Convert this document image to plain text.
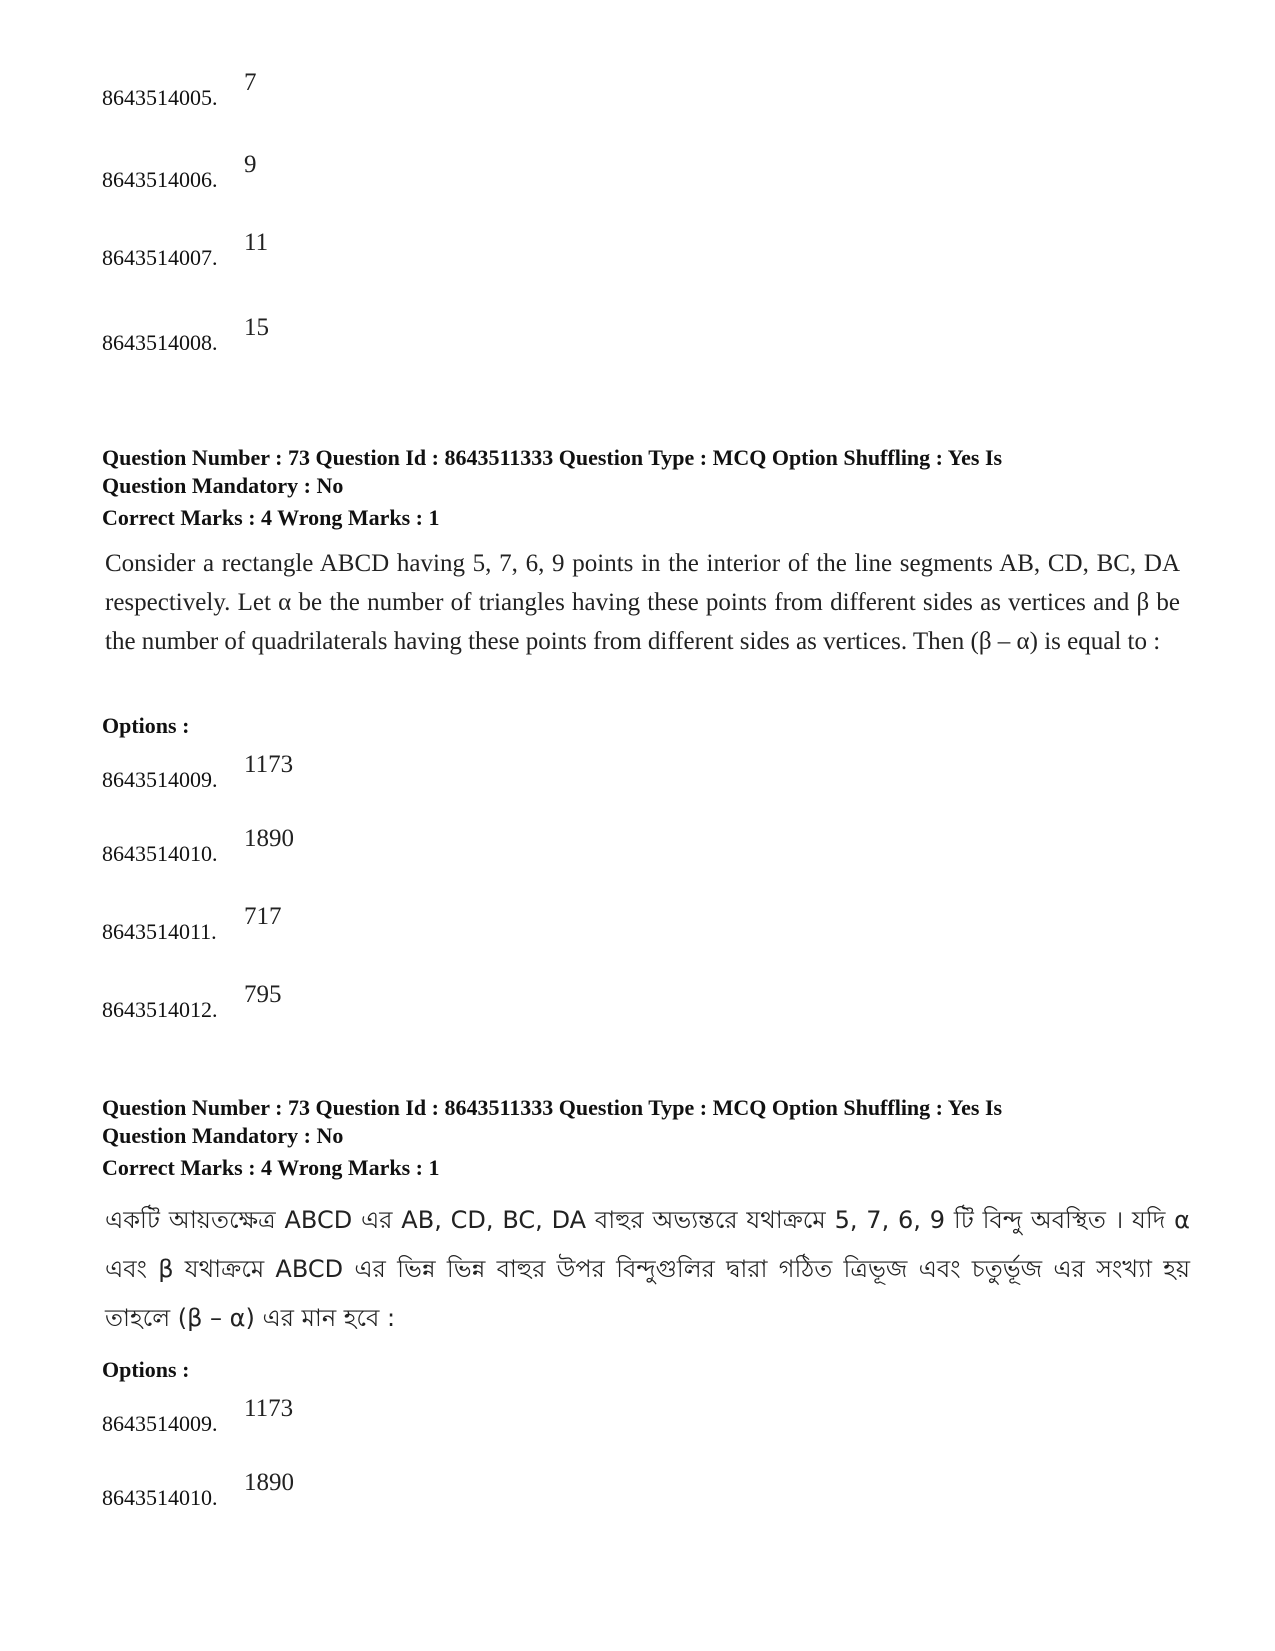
8643514005.
7
8643514006.
9
8643514007.
11
8643514008.
15

Question Number : 73 Question Id : 8643511333 Question Type : MCQ Option Shuffling : Yes Is

Question Mandatory : No

Correct Marks : 4 Wrong Marks : 1

Consider a rectangle ABCD having 5, 7, 6, 9 points in the interior of the line segments AB, CD, BC, DA respectively. Let α be the number of triangles having these points from different sides as vertices and β be the number of quadrilaterals having these points from different sides as vertices. Then (β – α) is equal to :
Options :
8643514009.
1173
8643514010.
1890
8643514011.
717
8643514012.
795

Question Number : 73 Question Id : 8643511333 Question Type : MCQ Option Shuffling : Yes Is

Question Mandatory : No

Correct Marks : 4 Wrong Marks : 1

একটি আয়তক্ষেত্র ABCD এর AB, CD, BC, DA বাহুর অভ্যন্তরে যথাক্রমে 5, 7, 6, 9 টি বিন্দু অবস্থিত । যদি α এবং β যথাক্রমে ABCD এর ভিন্ন ভিন্ন বাহুর উপর বিন্দুগুলির দ্বারা গঠিত ত্রিভূজ এবং চতুর্ভূজ এর সংখ্যা হয় তাহলে (β – α) এর মান হবে :
Options :
8643514009.
1173
8643514010.
1890
